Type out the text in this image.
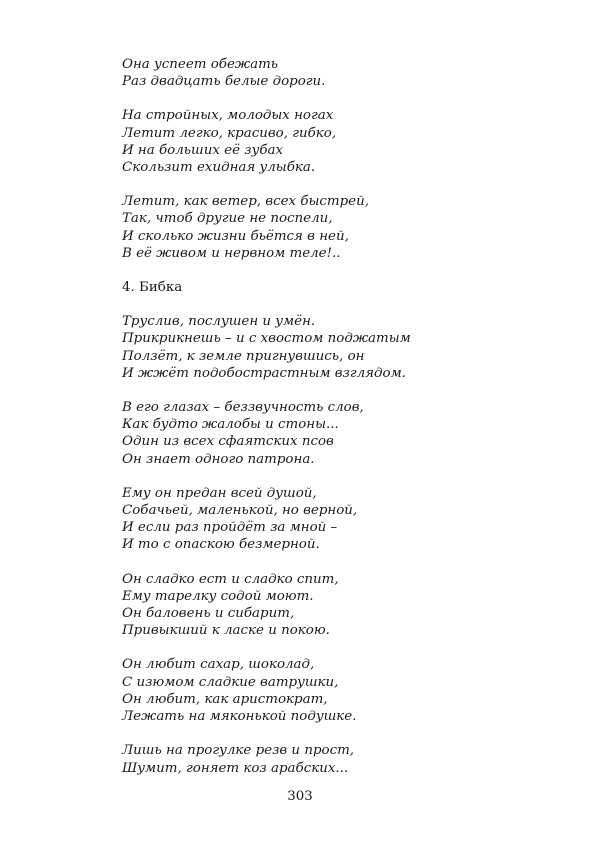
Она успеет обежать
Раз двадцать белые дороги.
На стройных, молодых ногах
Летит легко, красиво, гибко,
И на больших её зубах
Скользит ехидная улыбка.
Летит, как ветер, всех быстрей,
Так, чтоб другие не поспели,
И сколько жизни бьётся в ней,
В её живом и нервном теле!..
4. Бибка
Труслив, послушен и умён.
Прикрикнешь – и с хвостом поджатым
Ползёт, к земле пригнувшись, он
И жжёт подобострастным взглядом.
В его глазах – беззвучность слов,
Как будто жалобы и стоны...
Один из всех сфаятских псов
Он знает одного патрона.
Ему он предан всей душой,
Собачьей, маленькой, но верной,
И если раз пройдёт за мной –
И то с опаскою безмерной.
Он сладко ест и сладко спит,
Ему тарелку содой моют.
Он баловень и сибарит,
Привыкший к ласке и покою.
Он любит сахар, шоколад,
С изюмом сладкие ватрушки,
Он любит, как аристократ,
Лежать на мяконькой подушке.
Лишь на прогулке резв и прост,
Шумит, гоняет коз арабских...
303
